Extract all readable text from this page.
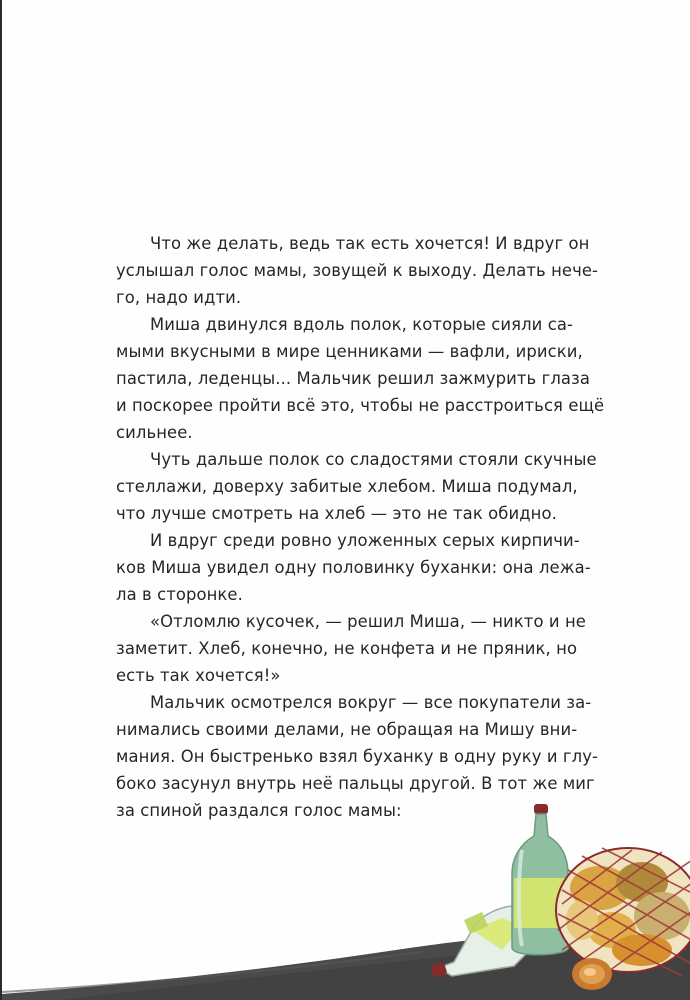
Что же делать, ведь так есть хочется! И вдруг он
услышал голос мамы, зовущей к выходу. Делать нече-
го, надо идти.
Миша двинулся вдоль полок, которые сияли са-
мыми вкусными в мире ценниками — вафли, ириски,
пастила, леденцы... Мальчик решил зажмурить глаза
и поскорее пройти всё это, чтобы не расстроиться ещё
сильнее.
Чуть дальше полок со сладостями стояли скучные
стеллажи, доверху забитые хлебом. Миша подумал,
что лучше смотреть на хлеб — это не так обидно.
И вдруг среди ровно уложенных серых кирпичи-
ков Миша увидел одну половинку буханки: она лежа-
ла в сторонке.
«Отломлю кусочек, — решил Миша, — никто и не
заметит. Хлеб, конечно, не конфета и не пряник, но
есть так хочется!»
Мальчик осмотрелся вокруг — все покупатели за-
нимались своими делами, не обращая на Мишу вни-
мания. Он быстренько взял буханку в одну руку и глу-
боко засунул внутрь неё пальцы другой. В тот же миг
за спиной раздался голос мамы:
